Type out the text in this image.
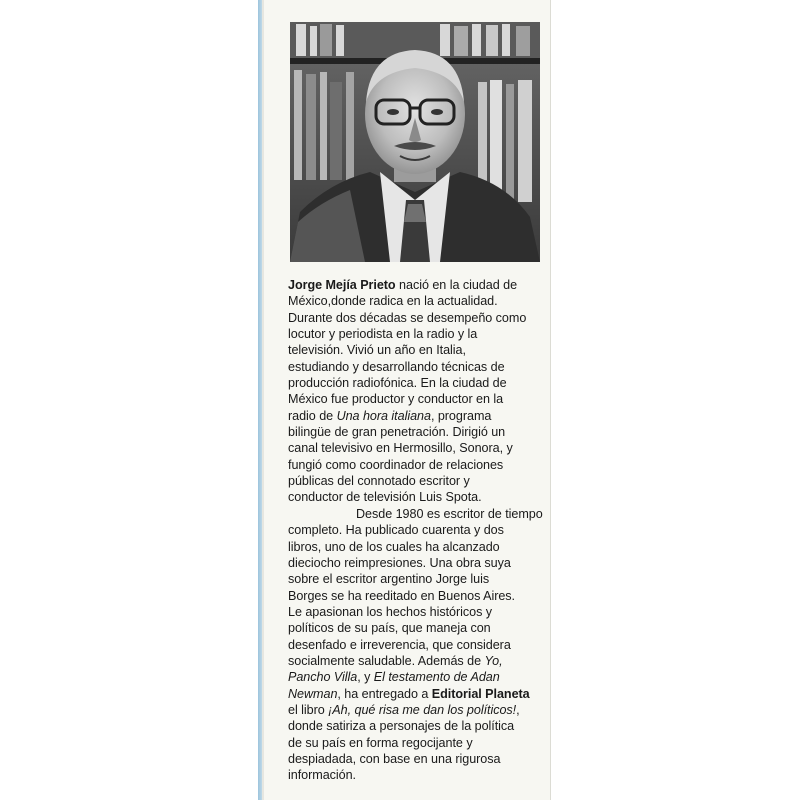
Jorge Mejía Prieto nació en la ciudad de
México,donde radica en la actualidad.
Durante dos décadas se desempeño como
locutor y periodista en la radio y la
televisión. Vivió un año en Italia,
estudiando y desarrollando técnicas de
producción radiofónica. En la ciudad de
México fue productor y conductor en la
radio de Una hora italiana, programa
bilingüe de gran penetración. Dirigió un
canal televisivo en Hermosillo, Sonora, y
fungió como coordinador de relaciones
públicas del connotado escritor y
conductor de televisión Luis Spota.
Desde 1980 es escritor de tiempo
completo. Ha publicado cuarenta y dos
libros, uno de los cuales ha alcanzado
dieciocho reimpresiones. Una obra suya
sobre el escritor argentino Jorge luis
Borges se ha reeditado en Buenos Aires.
Le apasionan los hechos históricos y
políticos de su país, que maneja con
desenfado e irreverencia, que considera
socialmente saludable. Además de Yo,
Pancho Villa, y El testamento de Adan
Newman, ha entregado a Editorial Planeta
el libro ¡Ah, qué risa me dan los políticos!,
donde satiriza a personajes de la política
de su país en forma regocijante y
despiadada, con base en una rigurosa
información.
